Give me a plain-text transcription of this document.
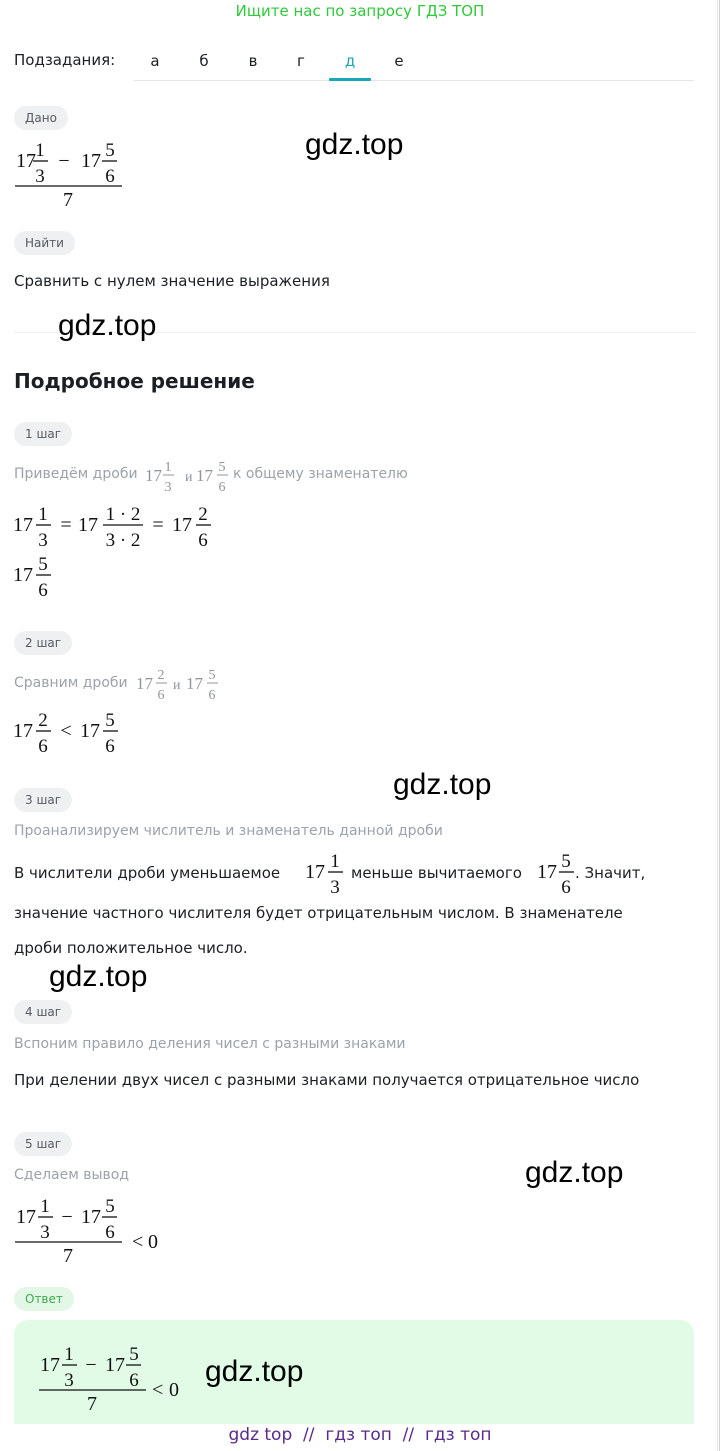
Ищите нас по запросу ГДЗ ТОП
Подзадания:	а	б	в	г	д	е
Дано
17 1
3
− 17 5
6
7
Найти
Сравнить с нулем значение выражения
Подробное решение
1 шаг
Приведём дроби 17 1
3
и 17 5
6
к общему знаменателю
17 1
3
= 17 1 · 2
3 · 2
= 17 2
6
17 5
6
2 шаг
Сравним дроби 17 2
6
и 17 5
6
17 2
6
< 17 5
6
3 шаг
Проанализируем числитель и знаменатель данной дроби
В числители дроби уменьшаемое 17 1
3
меньше вычитаемого 17 5
6
. Значит,
значение частного числителя будет отрицательным числом. В знаменателе
дроби положительное число.
4 шаг
Вспоним правило деления чисел с разными знаками
При делении двух чисел с разными знаками получается отрицательное число
5 шаг
Сделаем вывод
17 1
3
− 17 5
6
7
< 0
Ответ
17 1
3
− 17 5
6
7
< 0
gdz.top
gdz.top
gdz.top
gdz.top
gdz.top
gdz.top
gdz top  //  гдз топ  //  гдз топ
